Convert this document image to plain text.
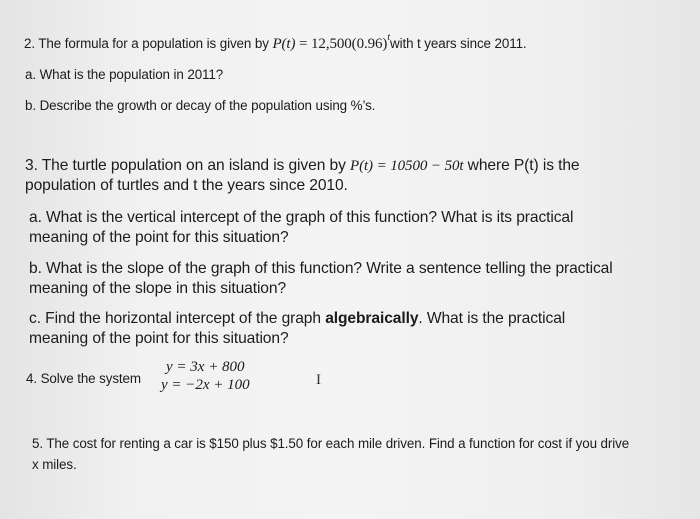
2. The formula for a population is given by $P(t) = 12,500(0.96)^twith$ t years since 2011.
a. What is the population in 2011?
b. Describe the growth or decay of the population using %’s.
3. The turtle population on an island is given by P(t) = 10500 − 50t where P(t) is the
population of turtles and t the years since 2010.
a. What is the vertical intercept of the graph of this function? What is its practical
meaning of the point for this situation?
b. What is the slope of the graph of this function? Write a sentence telling the practical
meaning of the slope in this situation?
c. Find the horizontal intercept of the graph algebraically. What is the practical
meaning of the point for this situation?
4. Solve the system
y = 3x + 800
y = −2x + 100	I
5. The cost for renting a car is $150 plus $1.50 for each mile driven. Find a function for cost if you drive
x miles.
